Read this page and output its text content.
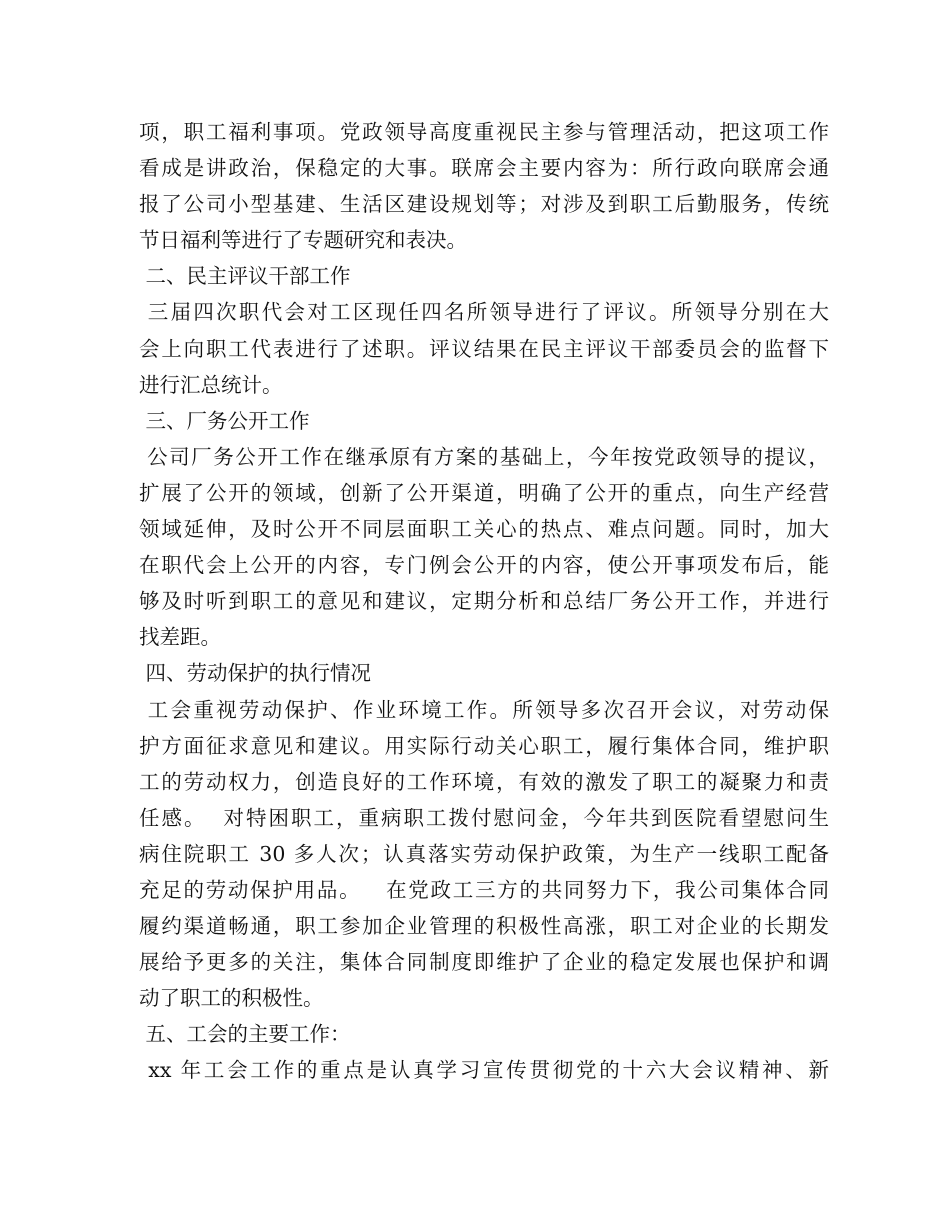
项，职工福利事项。党政领导高度重视民主参与管理活动，把这项工作
看成是讲政治，保稳定的大事。联席会主要内容为：所行政向联席会通
报了公司小型基建、生活区建设规划等；对涉及到职工后勤服务，传统
节日福利等进行了专题研究和表决。
二、民主评议干部工作
三届四次职代会对工区现任四名所领导进行了评议。所领导分别在大
会上向职工代表进行了述职。评议结果在民主评议干部委员会的监督下
进行汇总统计。
三、厂务公开工作
公司厂务公开工作在继承原有方案的基础上，今年按党政领导的提议，
扩展了公开的领域，创新了公开渠道，明确了公开的重点，向生产经营
领域延伸，及时公开不同层面职工关心的热点、难点问题。同时，加大
在职代会上公开的内容，专门例会公开的内容，使公开事项发布后，能
够及时听到职工的意见和建议，定期分析和总结厂务公开工作，并进行
找差距。
四、劳动保护的执行情况
工会重视劳动保护、作业环境工作。所领导多次召开会议，对劳动保
护方面征求意见和建议。用实际行动关心职工，履行集体合同，维护职
工的劳动权力，创造良好的工作环境，有效的激发了职工的凝聚力和责
任感。  对特困职工，重病职工拨付慰问金，今年共到医院看望慰问生
病住院职工 30 多人次；认真落实劳动保护政策，为生产一线职工配备
充足的劳动保护用品。   在党政工三方的共同努力下，我公司集体合同
履约渠道畅通，职工参加企业管理的积极性高涨，职工对企业的长期发
展给予更多的关注，集体合同制度即维护了企业的稳定发展也保护和调
动了职工的积极性。
五、工会的主要工作：
xx 年工会工作的重点是认真学习宣传贯彻党的十六大会议精神、新
